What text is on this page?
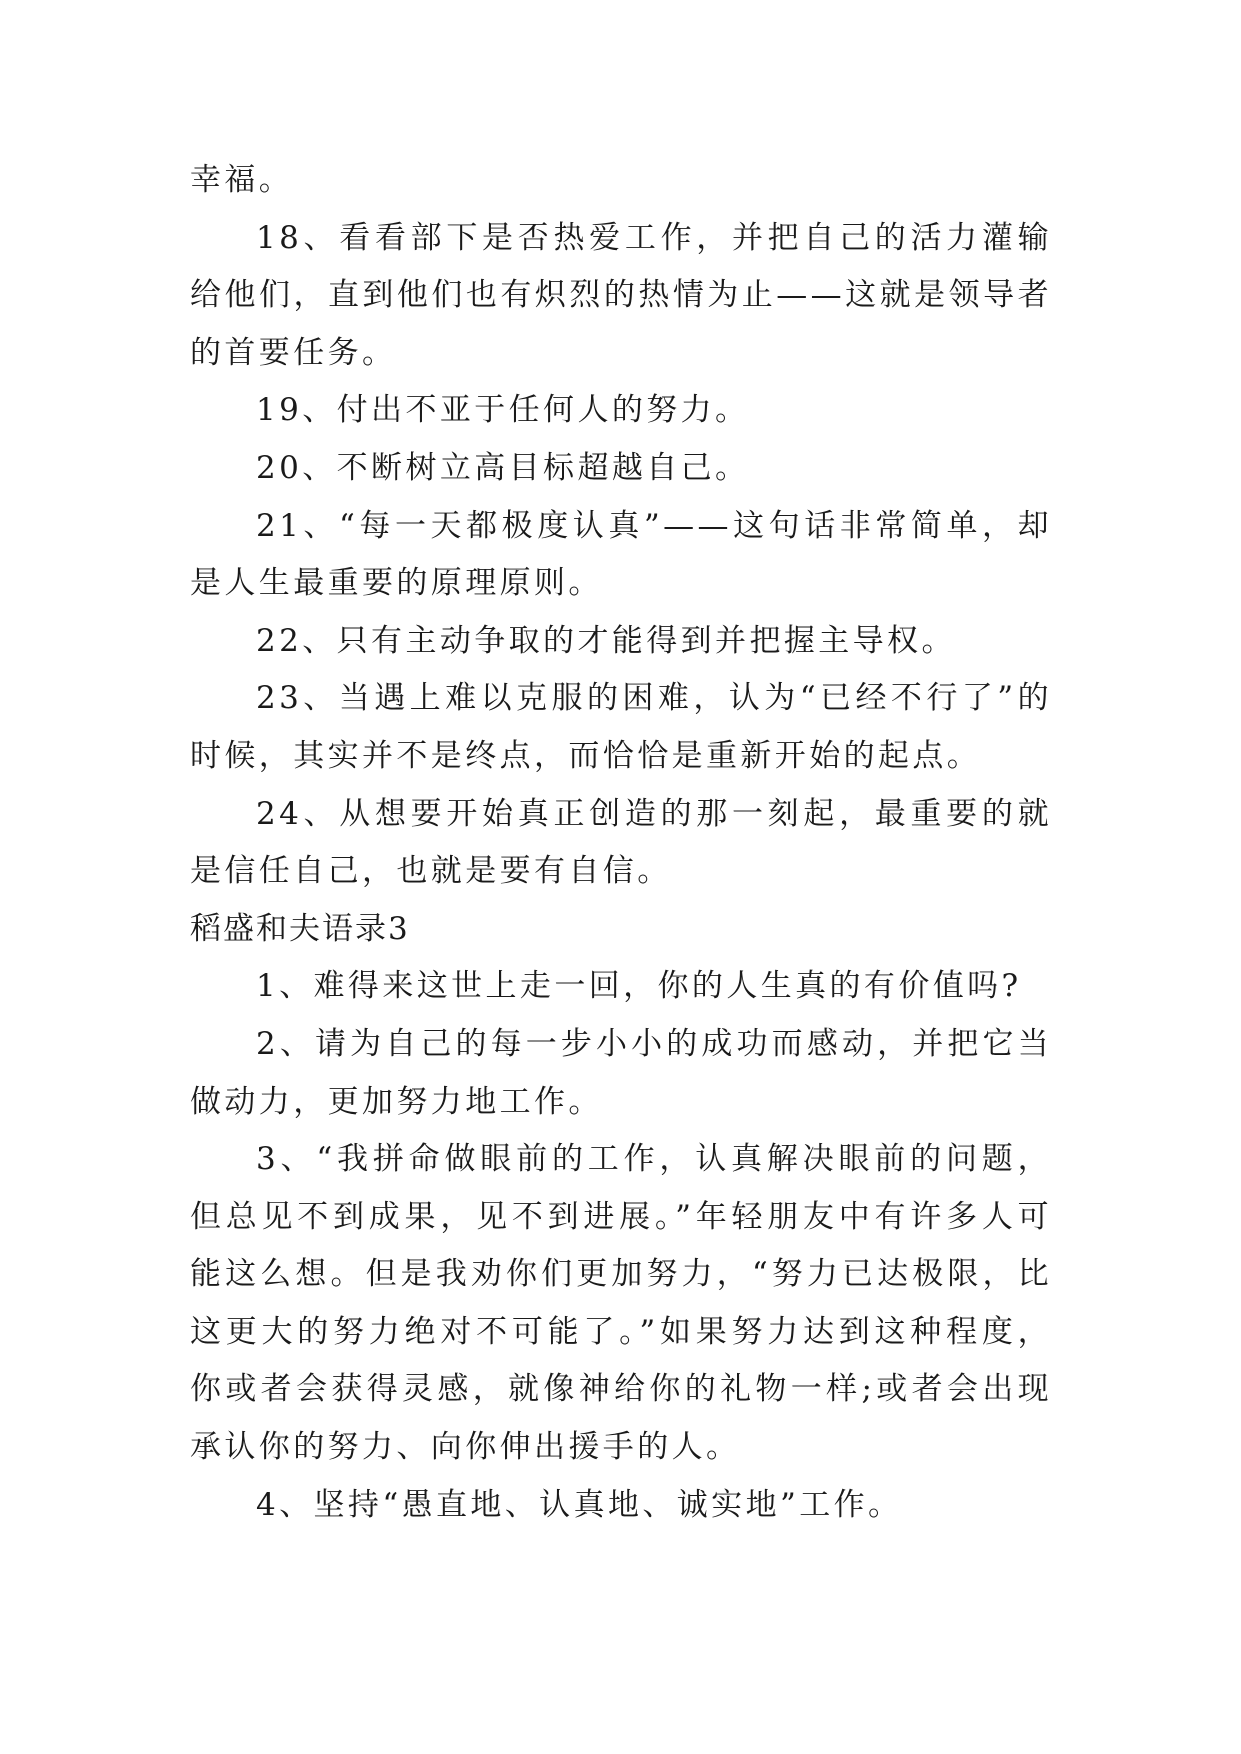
幸福。

18、看看部下是否热爱工作，并把自己的活力灌输给他们，直到他们也有炽烈的热情为止——这就是领导者的首要任务。

19、付出不亚于任何人的努力。

20、不断树立高目标超越自己。

21、“每一天都极度认真”——这句话非常简单，却是人生最重要的原理原则。

22、只有主动争取的才能得到并把握主导权。

23、当遇上难以克服的困难，认为“已经不行了”的时候，其实并不是终点，而恰恰是重新开始的起点。

24、从想要开始真正创造的那一刻起，最重要的就是信任自己，也就是要有自信。

稻盛和夫语录3

1、难得来这世上走一回，你的人生真的有价值吗?

2、请为自己的每一步小小的成功而感动，并把它当做动力，更加努力地工作。

3、“我拼命做眼前的工作，认真解决眼前的问题，但总见不到成果，见不到进展。”年轻朋友中有许多人可能这么想。但是我劝你们更加努力，“努力已达极限，比这更大的努力绝对不可能了。”如果努力达到这种程度，你或者会获得灵感，就像神给你的礼物一样;或者会出现承认你的努力、向你伸出援手的人。

4、坚持“愚直地、认真地、诚实地”工作。
